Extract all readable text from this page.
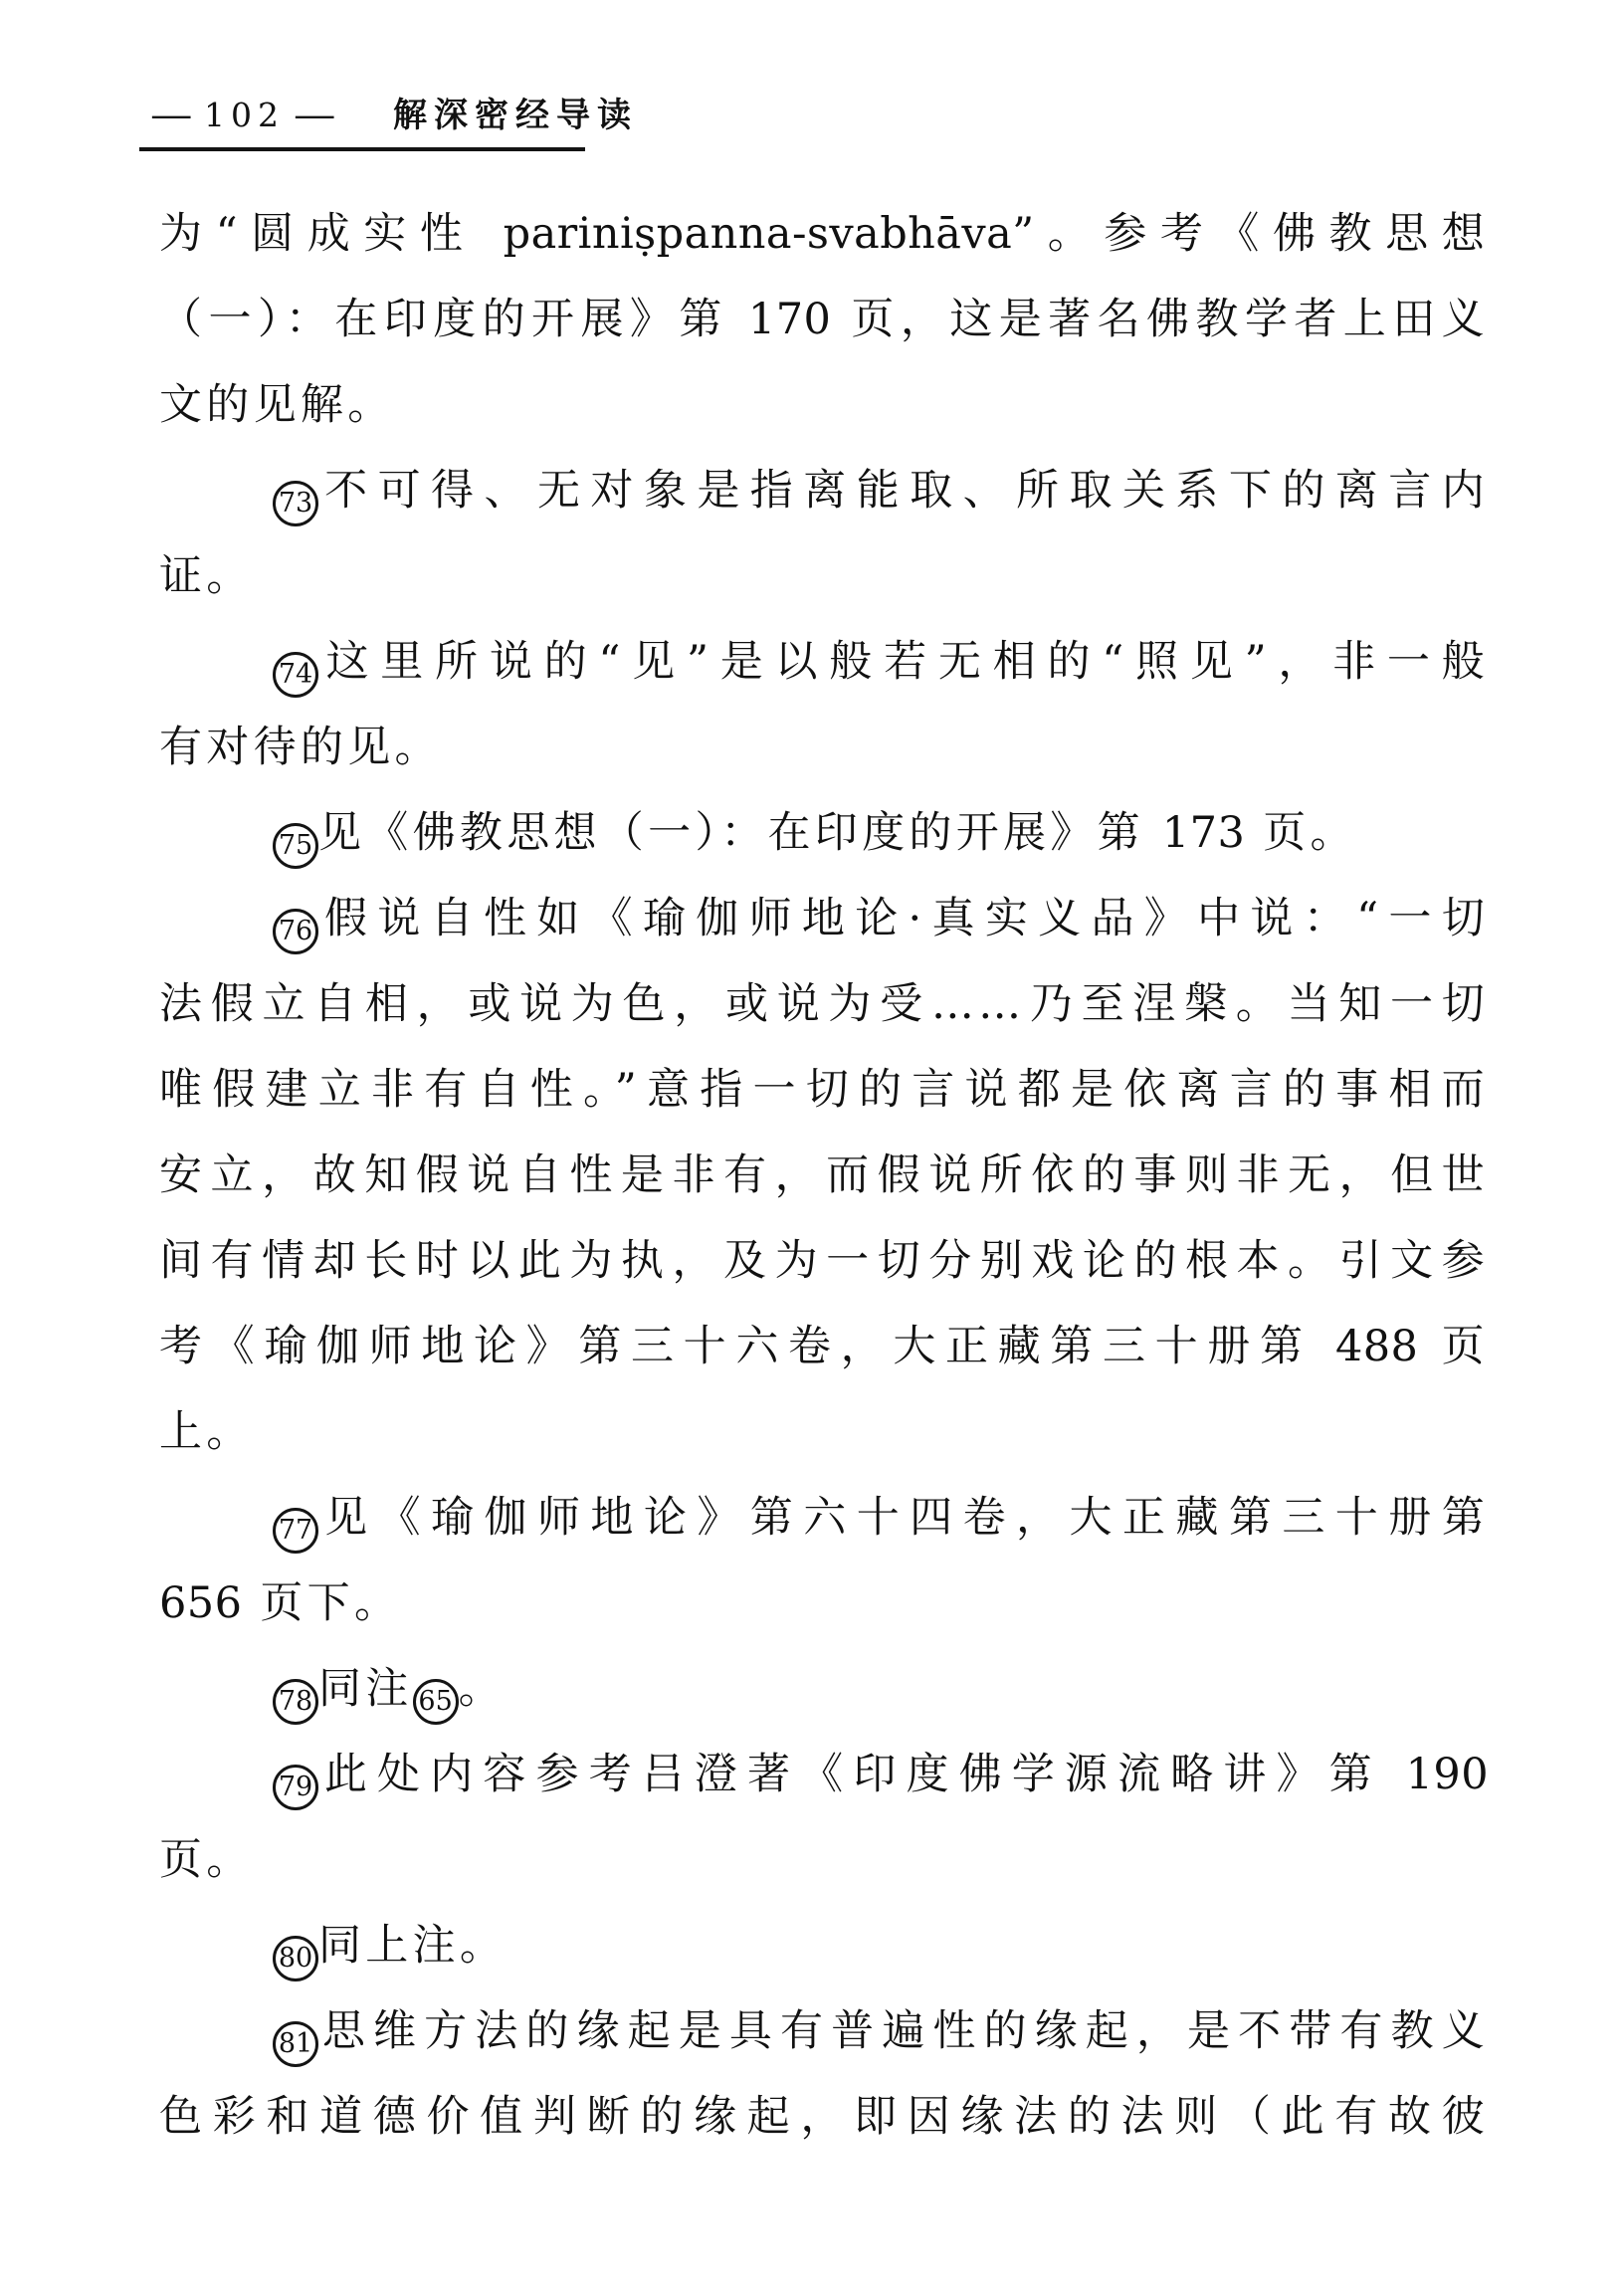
— 102 — 解深密经导读
为“圆成实性 pariniṣpanna-svabhāva”。参考《佛教思想
（一）：在印度的开展》第 170 页，这是著名佛教学者上田义
文的见解。
73 不可得、无对象是指离能取、所取关系下的离言内
证。
74 这里所说的“见”是以般若无相的“照见”，非一般
有对待的见。
75 见《佛教思想（一）：在印度的开展》第 173 页。
76 假说自性如《瑜伽师地论·真实义品》中说：“一切
法假立自相，或说为色，或说为受……乃至涅槃。当知一切
唯假建立非有自性。”意指一切的言说都是依离言的事相而
安立，故知假说自性是非有，而假说所依的事则非无，但世
间有情却长时以此为执，及为一切分别戏论的根本。引文参
考《瑜伽师地论》第三十六卷，大正藏第三十册第 488 页
上。
77 见《瑜伽师地论》第六十四卷，大正藏第三十册第
656 页下。
78 同注 65 。
79 此处内容参考吕澄著《印度佛学源流略讲》第 190
页。
80 同上注。
81 思维方法的缘起是具有普遍性的缘起，是不带有教义
色彩和道德价值判断的缘起，即因缘法的法则（此有故彼
